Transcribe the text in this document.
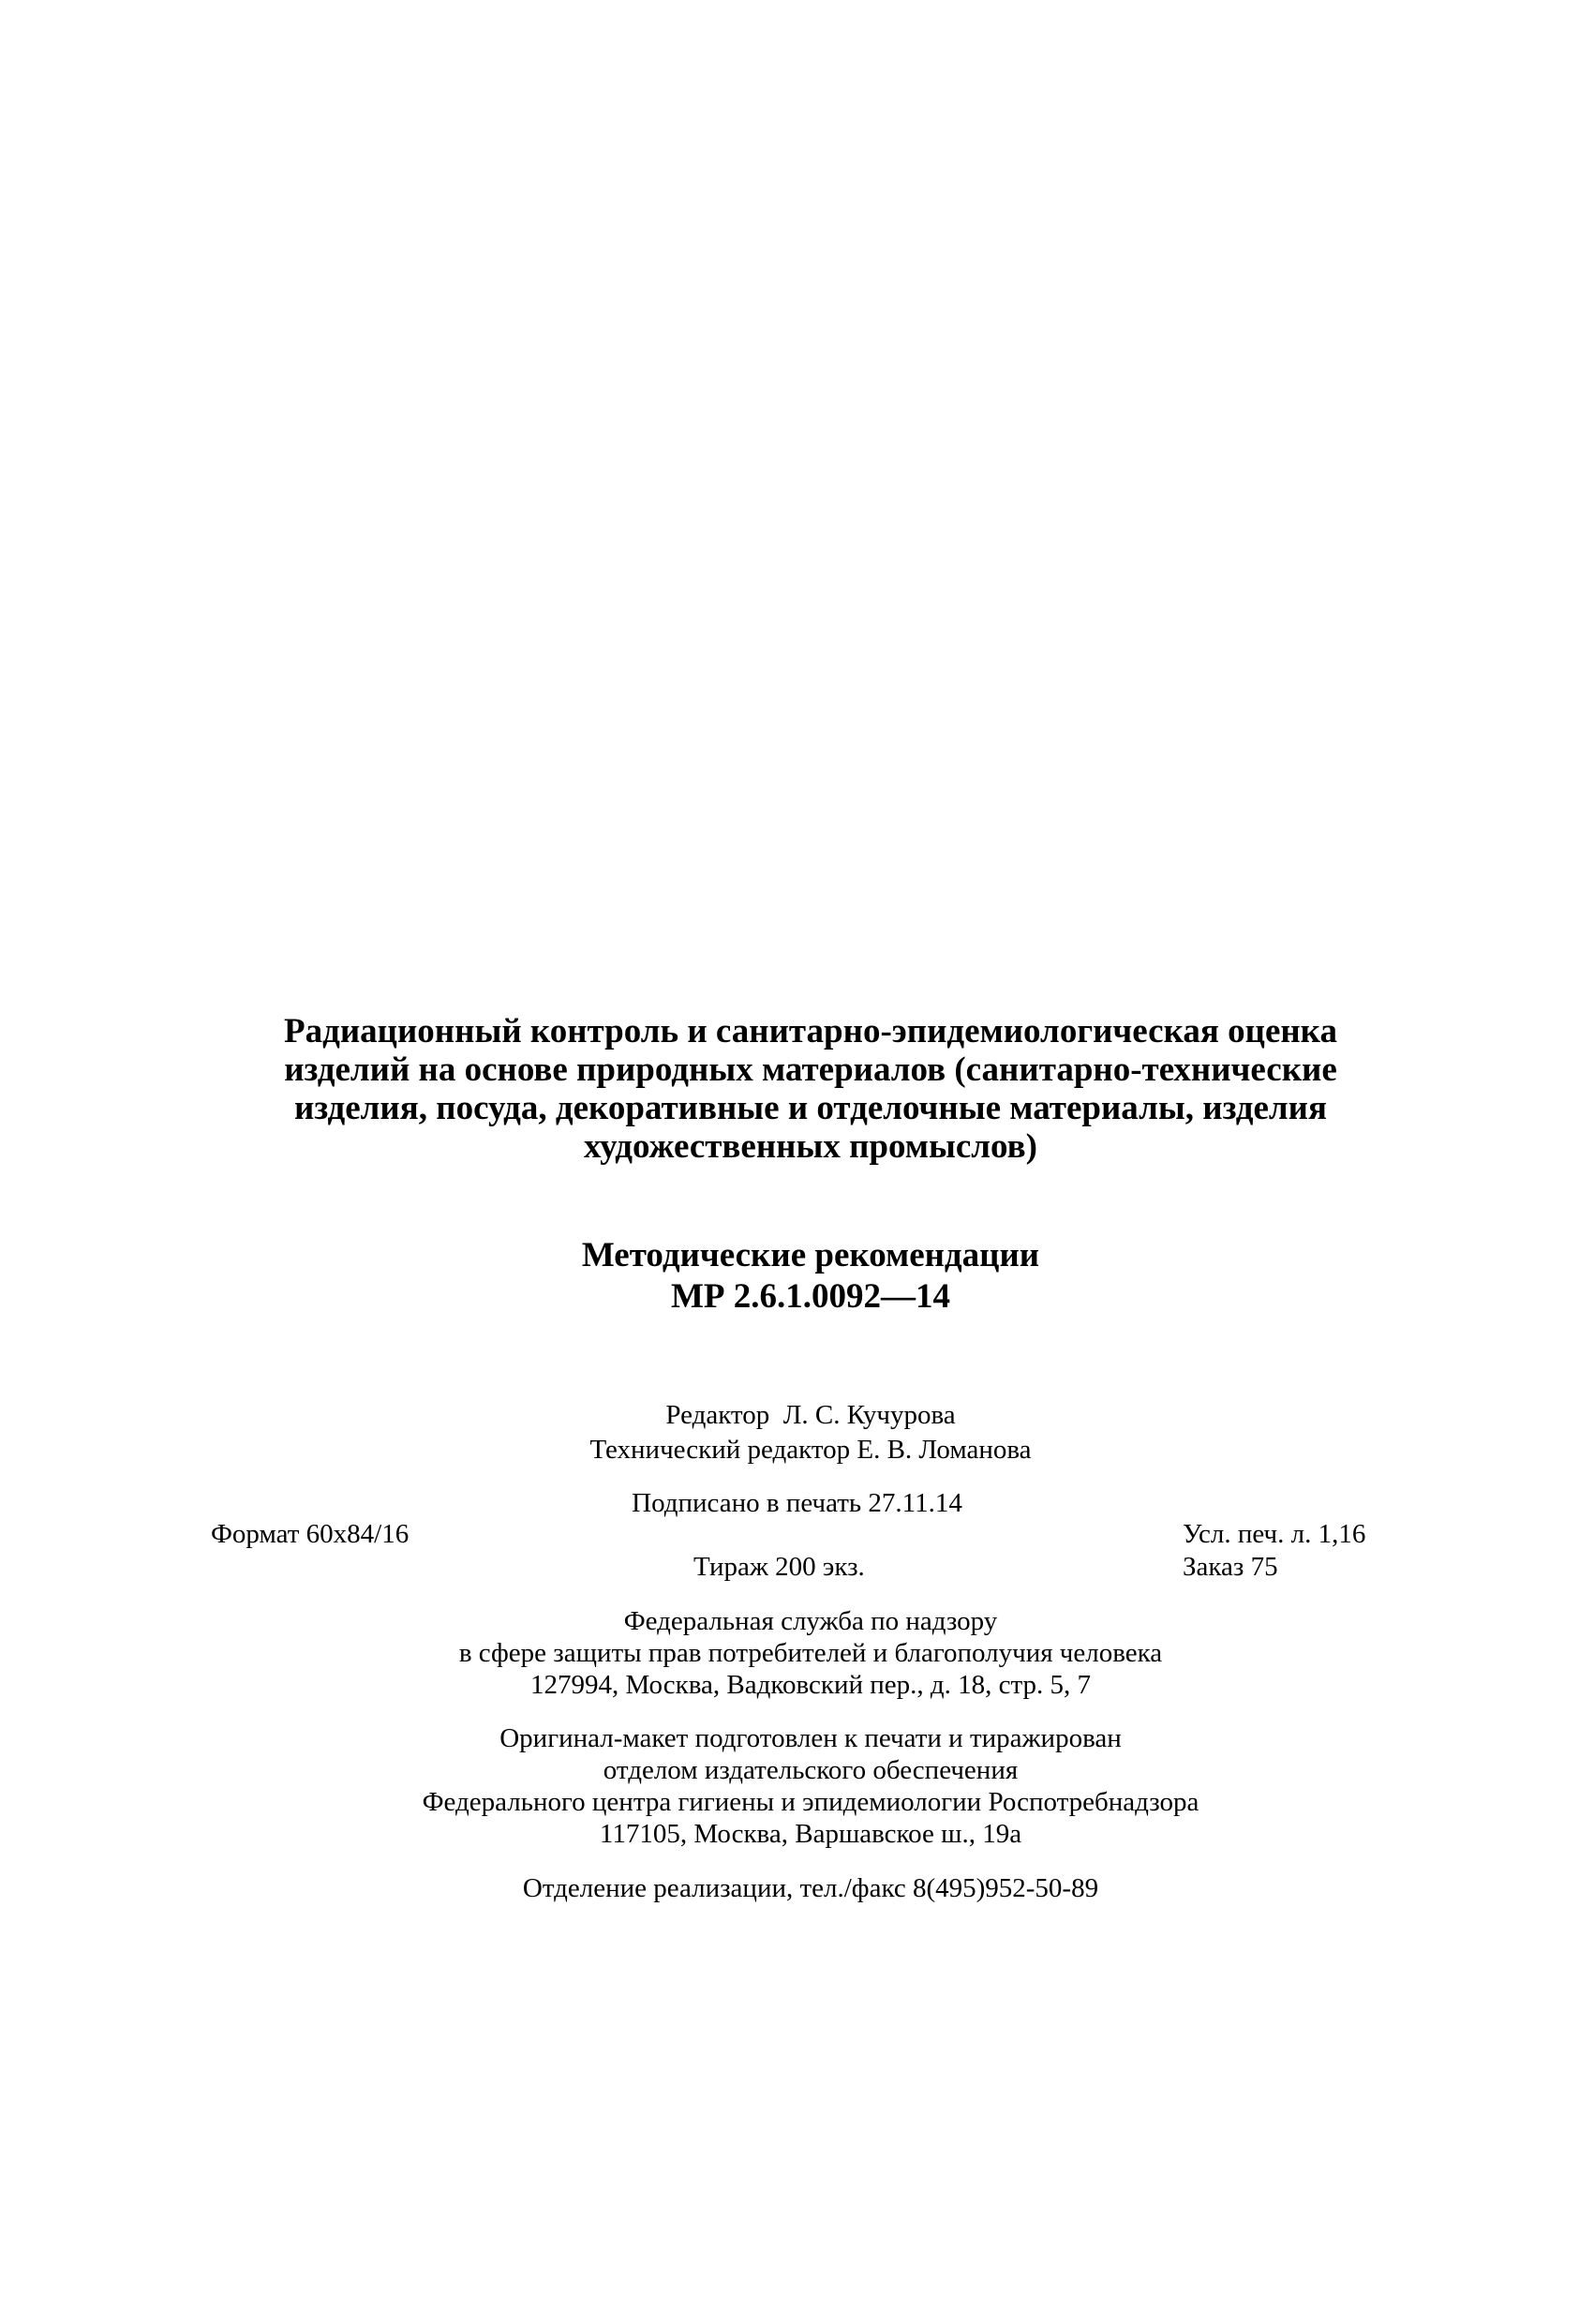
Радиационный контроль и санитарно-эпидемиологическая оценка
изделий на основе природных материалов (санитарно-технические
изделия, посуда, декоративные и отделочные материалы, изделия
художественных промыслов)
Методические рекомендации
МР 2.6.1.0092—14
Редактор  Л. С. Кучурова
Технический редактор Е. В. Ломанова
Подписано в печать 27.11.14
Формат 60x84/16	Усл. печ. л. 1,16
Тираж 200 экз.	Заказ 75
Федеральная служба по надзору
в сфере защиты прав потребителей и благополучия человека
127994, Москва, Вадковский пер., д. 18, стр. 5, 7
Оригинал-макет подготовлен к печати и тиражирован
отделом издательского обеспечения
Федерального центра гигиены и эпидемиологии Роспотребнадзора
117105, Москва, Варшавское ш., 19а
Отделение реализации, тел./факс 8(495)952-50-89
